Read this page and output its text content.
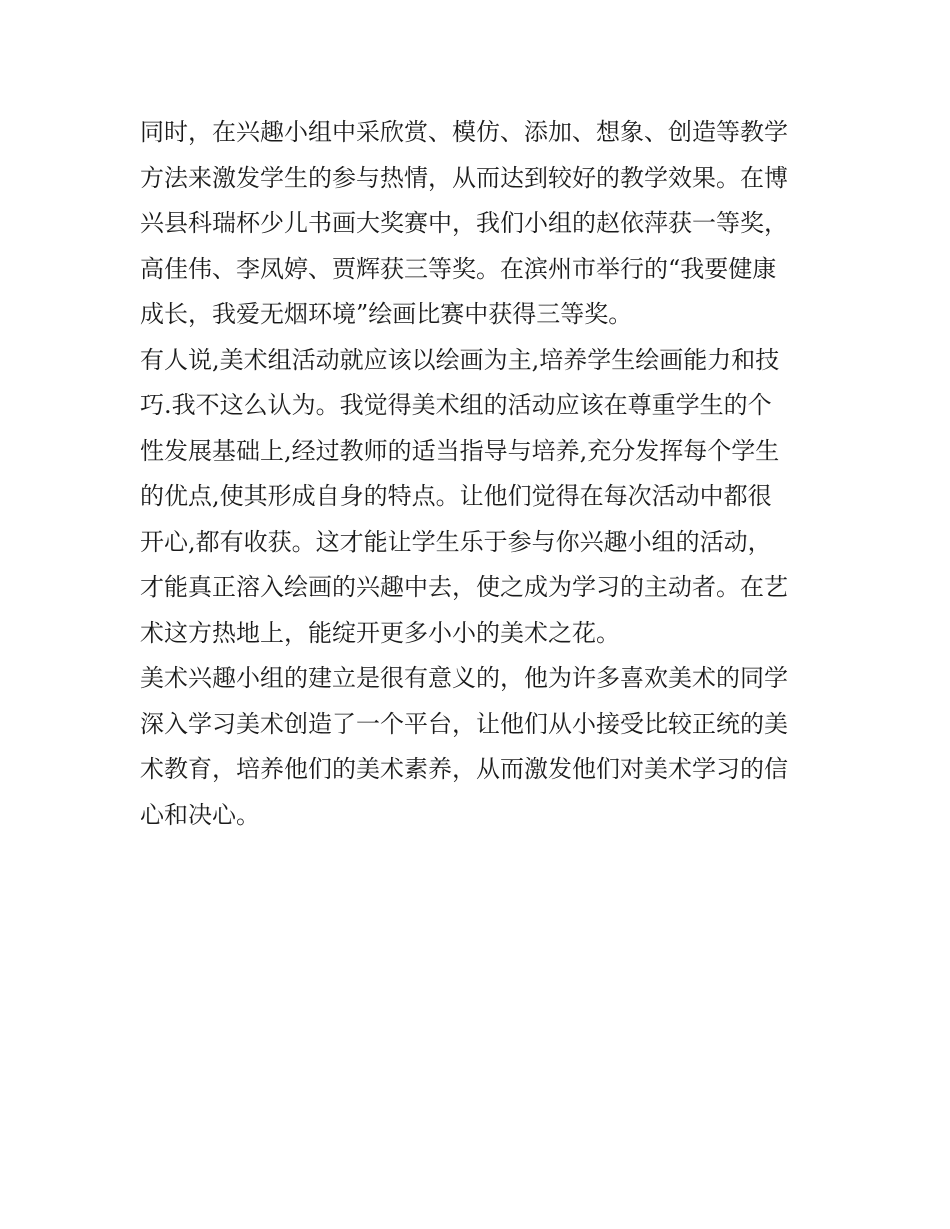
同时，在兴趣小组中采欣赏、模仿、添加、想象、创造等教学
方法来激发学生的参与热情，从而达到较好的教学效果。在博
兴县科瑞杯少儿书画大奖赛中，我们小组的赵依萍获一等奖，
高佳伟、李凤婷、贾辉获三等奖。在滨州市举行的“我要健康
成长，我爱无烟环境”绘画比赛中获得三等奖。
有人说,美术组活动就应该以绘画为主,培养学生绘画能力和技
巧.我不这么认为。我觉得美术组的活动应该在尊重学生的个
性发展基础上,经过教师的适当指导与培养,充分发挥每个学生
的优点,使其形成自身的特点。让他们觉得在每次活动中都很
开心,都有收获。这才能让学生乐于参与你兴趣小组的活动，
才能真正溶入绘画的兴趣中去，使之成为学习的主动者。在艺
术这方热地上，能绽开更多小小的美术之花。
美术兴趣小组的建立是很有意义的，他为许多喜欢美术的同学
深入学习美术创造了一个平台，让他们从小接受比较正统的美
术教育，培养他们的美术素养，从而激发他们对美术学习的信
心和决心。
